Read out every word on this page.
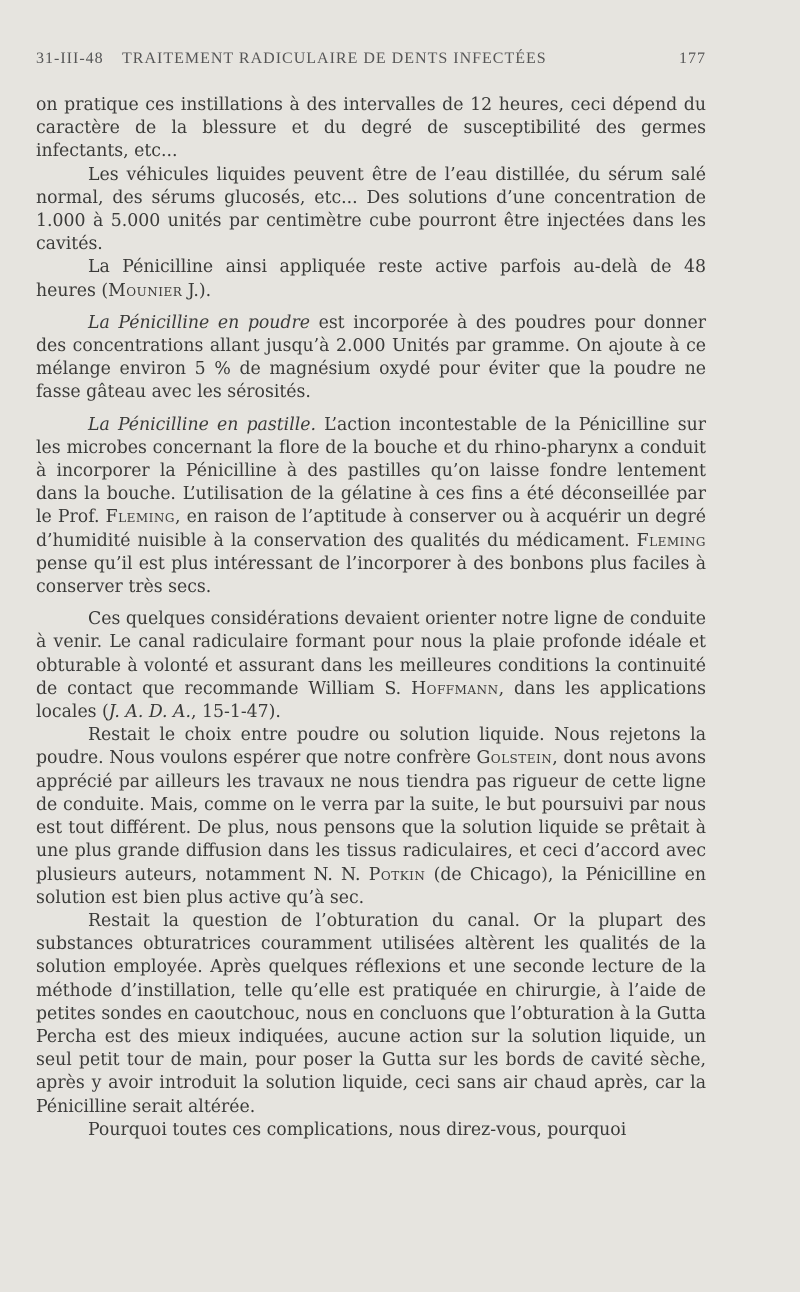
31-III-48 TRAITEMENT RADICULAIRE DE DENTS INFECTÉES	177

on pratique ces instillations à des intervalles de 12 heures, ceci dépend du caractère de la blessure et du degré de susceptibilité des germes infectants, etc...

Les véhicules liquides peuvent être de l’eau distillée, du sérum salé normal, des sérums glucosés, etc... Des solutions d’une concentration de 1.000 à 5.000 unités par centimètre cube pourront être injectées dans les cavités.

La Pénicilline ainsi appliquée reste active parfois au-delà de 48 heures (Mounier J.).

La Pénicilline en poudre est incorporée à des poudres pour donner des concentrations allant jusqu’à 2.000 Unités par gramme. On ajoute à ce mélange environ 5 % de magnésium oxydé pour éviter que la poudre ne fasse gâteau avec les sérosités.

La Pénicilline en pastille. L’action incontestable de la Pénicilline sur les microbes concernant la flore de la bouche et du rhino-pharynx a conduit à incorporer la Pénicilline à des pastilles qu’on laisse fondre lentement dans la bouche. L’utilisation de la gélatine à ces fins a été déconseillée par le Prof. Fleming, en raison de l’aptitude à conserver ou à acquérir un degré d’humidité nuisible à la conservation des qualités du médicament. Fleming pense qu’il est plus intéressant de l’incorporer à des bonbons plus faciles à conserver très secs.

Ces quelques considérations devaient orienter notre ligne de conduite à venir. Le canal radiculaire formant pour nous la plaie profonde idéale et obturable à volonté et assurant dans les meilleures conditions la continuité de contact que recommande William S. Hoffmann, dans les applications locales (J. A. D. A., 15-1-47).

Restait le choix entre poudre ou solution liquide. Nous rejetons la poudre. Nous voulons espérer que notre confrère Golstein, dont nous avons apprécié par ailleurs les travaux ne nous tiendra pas rigueur de cette ligne de conduite. Mais, comme on le verra par la suite, le but poursuivi par nous est tout différent. De plus, nous pensons que la solution liquide se prêtait à une plus grande diffusion dans les tissus radiculaires, et ceci d’accord avec plusieurs auteurs, notamment N. N. Potkin (de Chicago), la Pénicilline en solution est bien plus active qu’à sec.

Restait la question de l’obturation du canal. Or la plupart des substances obturatrices couramment utilisées altèrent les qualités de la solution employée. Après quelques réflexions et une seconde lecture de la méthode d’instillation, telle qu’elle est pratiquée en chirurgie, à l’aide de petites sondes en caoutchouc, nous en concluons que l’obturation à la Gutta Percha est des mieux indiquées, aucune action sur la solution liquide, un seul petit tour de main, pour poser la Gutta sur les bords de cavité sèche, après y avoir introduit la solution liquide, ceci sans air chaud après, car la Pénicilline serait altérée.

Pourquoi toutes ces complications, nous direz-vous, pourquoi
